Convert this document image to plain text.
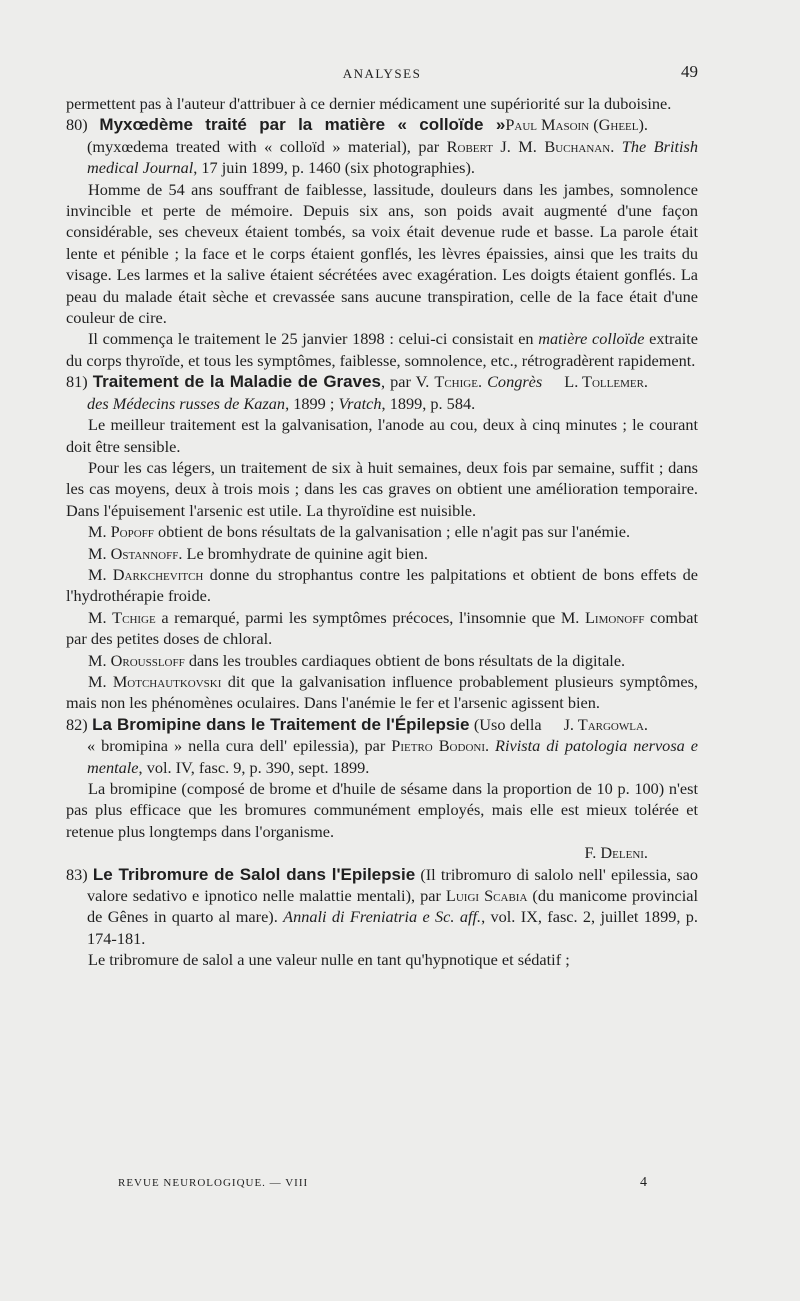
ANALYSES	49

permettent pas à l'auteur d'attribuer à ce dernier médicament une supériorité sur la duboisine.
Paul Masoin (Gheel).

80) Myxœdème traité par la matière « colloïde » (myxœdema treated with « colloïd » material), par Robert J. M. Buchanan. The British medical Journal, 17 juin 1899, p. 1460 (six photographies).

Homme de 54 ans souffrant de faiblesse, lassitude, douleurs dans les jambes, somnolence invincible et perte de mémoire. Depuis six ans, son poids avait augmenté d'une façon considérable, ses cheveux étaient tombés, sa voix était devenue rude et basse. La parole était lente et pénible ; la face et le corps étaient gonflés, les lèvres épaissies, ainsi que les traits du visage. Les larmes et la salive étaient sécrétées avec exagération. Les doigts étaient gonflés. La peau du malade était sèche et crevassée sans aucune transpiration, celle de la face était d'une couleur de cire.

Il commença le traitement le 25 janvier 1898 : celui-ci consistait en matière colloïde extraite du corps thyroïde, et tous les symptômes, faiblesse, somnolence, etc., rétrogradèrent rapidement.
L. Tollemer.

81) Traitement de la Maladie de Graves, par V. Tchige. Congrès des Médecins russes de Kazan, 1899 ; Vratch, 1899, p. 584.

Le meilleur traitement est la galvanisation, l'anode au cou, deux à cinq minutes ; le courant doit être sensible.

Pour les cas légers, un traitement de six à huit semaines, deux fois par semaine, suffit ; dans les cas moyens, deux à trois mois ; dans les cas graves on obtient une amélioration temporaire. Dans l'épuisement l'arsenic est utile. La thyroïdine est nuisible.

M. Popoff obtient de bons résultats de la galvanisation ; elle n'agit pas sur l'anémie.

M. Ostannoff. Le bromhydrate de quinine agit bien.

M. Darkchevitch donne du strophantus contre les palpitations et obtient de bons effets de l'hydrothérapie froide.

M. Tchige a remarqué, parmi les symptômes précoces, l'insomnie que M. Limonoff combat par des petites doses de chloral.

M. Oroussloff dans les troubles cardiaques obtient de bons résultats de la digitale.

M. Motchautkovski dit que la galvanisation influence probablement plusieurs symptômes, mais non les phénomènes oculaires. Dans l'anémie le fer et l'arsenic agissent bien.
J. Targowla.

82) La Bromipine dans le Traitement de l'Épilepsie (Uso della « bromipina » nella cura dell' epilessia), par Pietro Bodoni. Rivista di patologia nervosa e mentale, vol. IV, fasc. 9, p. 390, sept. 1899.

La bromipine (composé de brome et d'huile de sésame dans la proportion de 10 p. 100) n'est pas plus efficace que les bromures communément employés, mais elle est mieux tolérée et retenue plus longtemps dans l'organisme.

F. Deleni.

83) Le Tribromure de Salol dans l'Epilepsie (Il tribromuro di salolo nell' epilessia, sao valore sedativo e ipnotico nelle malattie mentali), par Luigi Scabia (du manicome provincial de Gênes in quarto al mare). Annali di Freniatria e Sc. aff., vol. IX, fasc. 2, juillet 1899, p. 174-181.

Le tribromure de salol a une valeur nulle en tant qu'hypnotique et sédatif ;

REVUE NEUROLOGIQUE. — VIII	4
